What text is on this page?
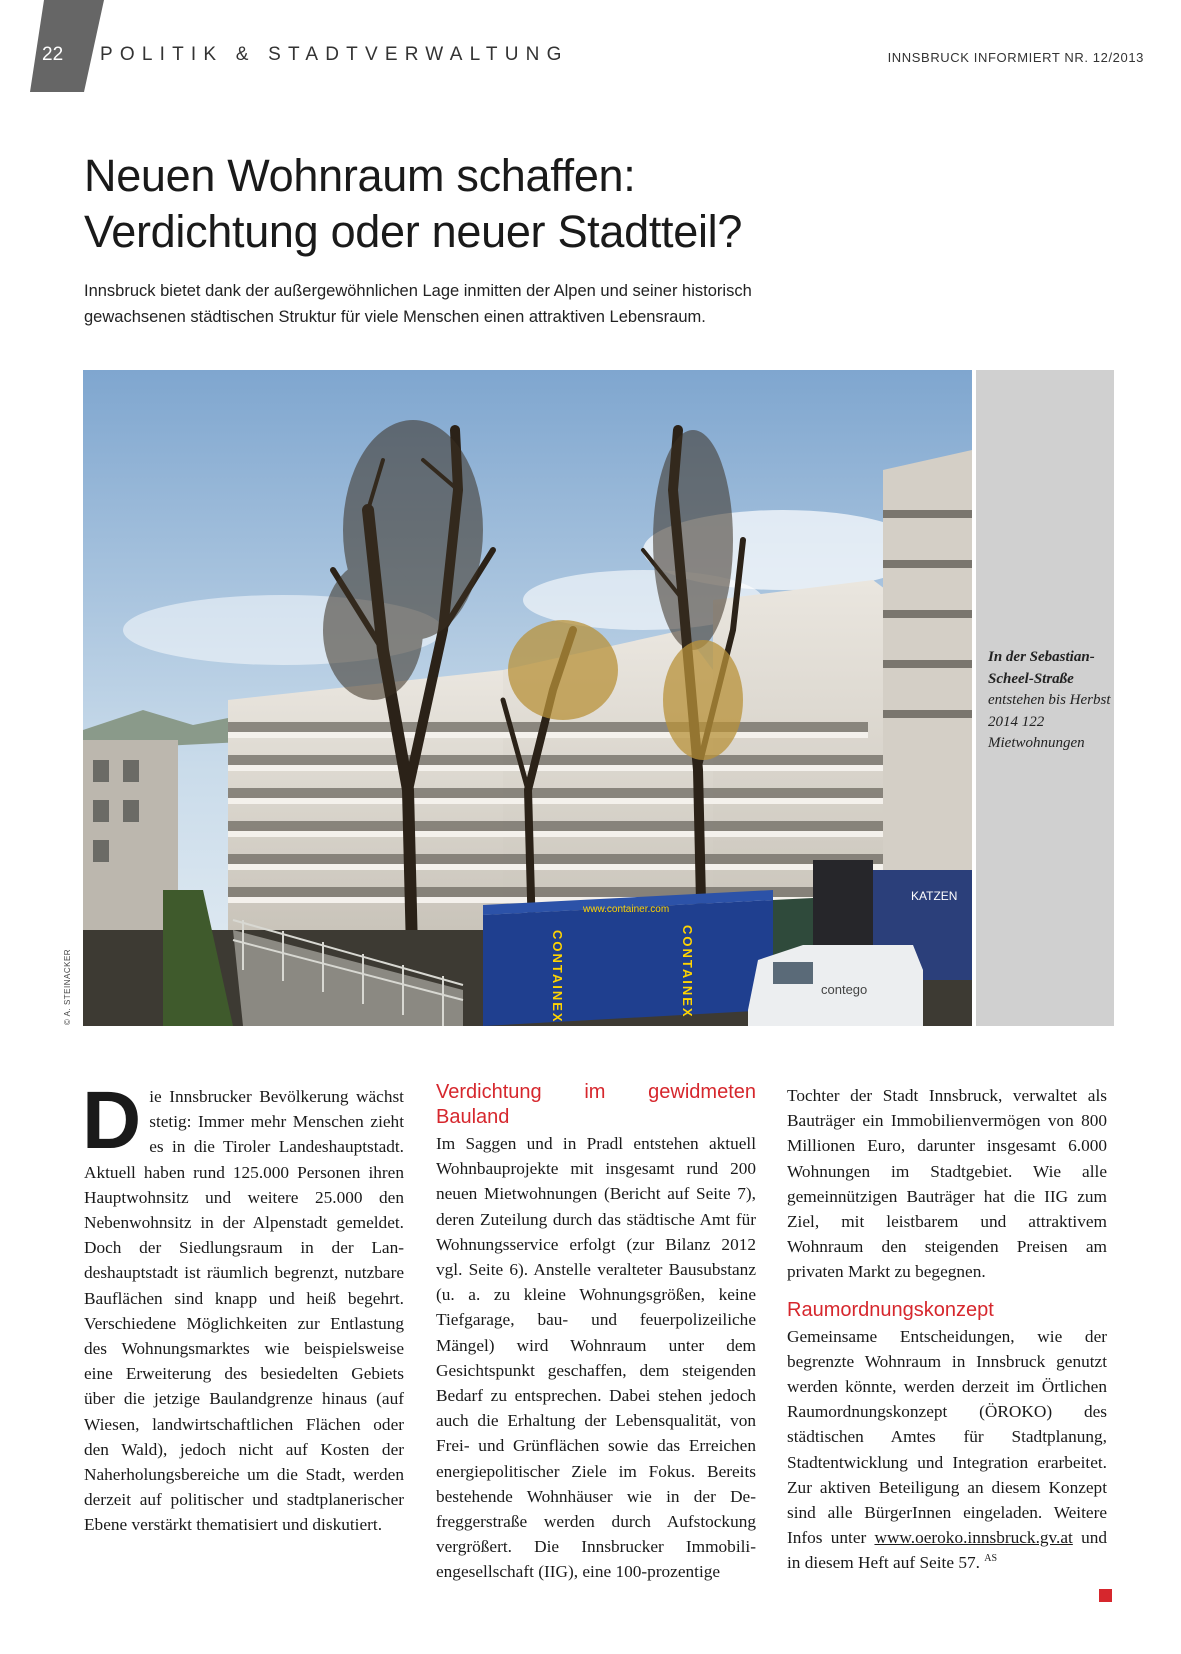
22 POLITIK & STADTVERWALTUNG	INNSBRUCK INFORMIERT NR. 12/2013
Neuen Wohnraum schaffen:
Verdichtung oder neuer Stadtteil?

Innsbruck bietet dank der außergewöhnlichen Lage inmitten der Alpen und seiner historisch gewachsenen städtischen Struktur für viele Menschen einen attraktiven Lebensraum.

www.container.com
CONTAINEX	CONTAINEX
KATZEN
contego

In der Sebastian-Scheel-Straße entstehen bis Herbst 2014 122 Mietwohnungen

© A. STEINACKER
D ie Innsbrucker Bevölkerung wächst stetig: Immer mehr Menschen zieht es in die Tiroler Landeshauptstadt. Aktuell haben rund 125.000 Personen ihren Hauptwohnsitz und weitere 25.000 den Nebenwohnsitz in der Alpenstadt gemeldet. Doch der Siedlungsraum in der Landeshauptstadt ist räumlich begrenzt, nutzbare Bauflächen sind knapp und heiß begehrt. Verschiedene Möglichkeiten zur Entlastung des Wohnungsmarktes wie beispielsweise eine Erweiterung des besiedelten Gebiets über die jetzige Baulandgrenze hinaus (auf Wiesen, landwirtschaftlichen Flächen oder den Wald), jedoch nicht auf Kosten der Naherholungsbereiche um die Stadt, werden derzeit auf politischer und stadtplanerischer Ebene verstärkt thematisiert und diskutiert.

Verdichtung im gewidmeten Bauland

Im Saggen und in Pradl entstehen aktuell Wohnbauprojekte mit insgesamt rund 200 neuen Mietwohnungen (Bericht auf Seite 7), deren Zuteilung durch das städtische Amt für Wohnungsservice erfolgt (zur Bilanz 2012 vgl. Seite 6). Anstelle veralteter Bausubstanz (u. a. zu kleine Wohnungsgrößen, keine Tiefgarage, bau- und feuerpolizeiliche Mängel) wird Wohnraum unter dem Gesichtspunkt geschaffen, dem steigenden Bedarf zu entsprechen. Dabei stehen jedoch auch die Erhaltung der Lebensqualität, von Frei- und Grünflächen sowie das Erreichen energiepolitischer Ziele im Fokus. Bereits bestehende Wohnhäuser wie in der Defreggerstraße werden durch Aufstockung vergrößert. Die Innsbrucker Immobiliengesellschaft (IIG), eine 100-prozentige

Tochter der Stadt Innsbruck, verwaltet als Bauträger ein Immobilienvermögen von 800 Millionen Euro, darunter insgesamt 6.000 Wohnungen im Stadtgebiet. Wie alle gemeinnützigen Bauträger hat die IIG zum Ziel, mit leistbarem und attraktivem Wohnraum den steigenden Preisen am privaten Markt zu begegnen.

Raumordnungskonzept

Gemeinsame Entscheidungen, wie der begrenzte Wohnraum in Innsbruck genutzt werden könnte, werden derzeit im Örtlichen Raumordnungskonzept (ÖROKO) des städtischen Amtes für Stadtplanung, Stadtentwicklung und Integration erarbeitet. Zur aktiven Beteiligung an diesem Konzept sind alle BürgerInnen eingeladen. Weitere Infos unter www.oeroko.innsbruck.gv.at und in diesem Heft auf Seite 57. $^{AS}$
